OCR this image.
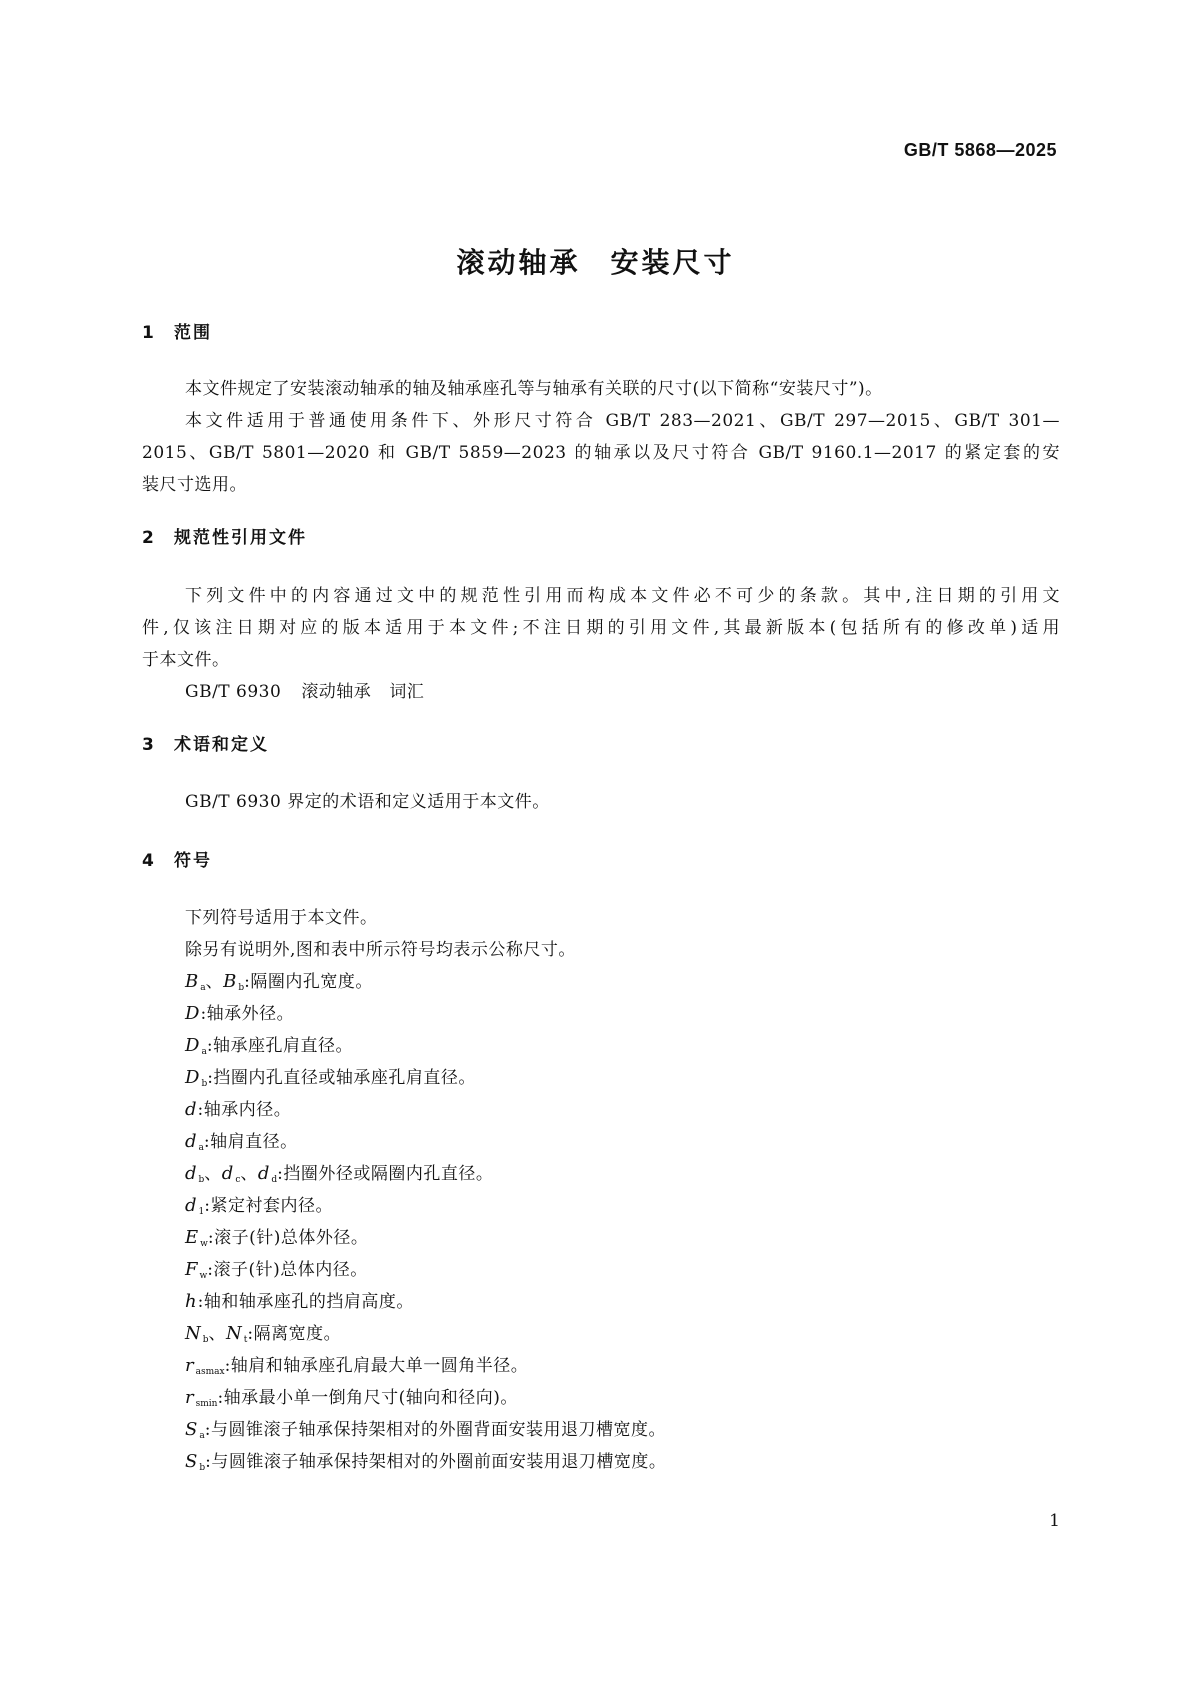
GB/T 5868—2025
滚动轴承 安装尺寸
1 范围
本文件规定了安装滚动轴承的轴及轴承座孔等与轴承有关联的尺寸(以下简称“安装尺寸”)。
本文件适用于普通使用条件下、外形尺寸符合 GB/T 283—2021、GB/T 297—2015、GB/T 301—
2015、GB/T 5801—2020 和 GB/T 5859—2023 的轴承以及尺寸符合 GB/T 9160.1—2017 的紧定套的安
装尺寸选用。
2 规范性引用文件
下列文件中的内容通过文中的规范性引用而构成本文件必不可少的条款。其中,注日期的引用文
件,仅该注日期对应的版本适用于本文件;不注日期的引用文件,其最新版本(包括所有的修改单)适用
于本文件。
GB/T 6930 滚动轴承 词汇
3 术语和定义
GB/T 6930 界定的术语和定义适用于本文件。
4 符号
下列符号适用于本文件。
除另有说明外,图和表中所示符号均表示公称尺寸。
$B_a$、$B_b$:隔圈内孔宽度。
D:轴承外径。
$D_a$:轴承座孔肩直径。
$D_b$:挡圈内孔直径或轴承座孔肩直径。
d:轴承内径。
$d_a$:轴肩直径。
$d_b$、$d_c$、$d_d$:挡圈外径或隔圈内孔直径。
$d_1$:紧定衬套内径。
$E_w$:滚子(针)总体外径。
$F_w$:滚子(针)总体内径。
h:轴和轴承座孔的挡肩高度。
$N_b$、$N_t$:隔离宽度。
$r_{asmax}$:轴肩和轴承座孔肩最大单一圆角半径。
$r_{smin}$:轴承最小单一倒角尺寸(轴向和径向)。
$S_a$:与圆锥滚子轴承保持架相对的外圈背面安装用退刀槽宽度。
$S_b$:与圆锥滚子轴承保持架相对的外圈前面安装用退刀槽宽度。
1
